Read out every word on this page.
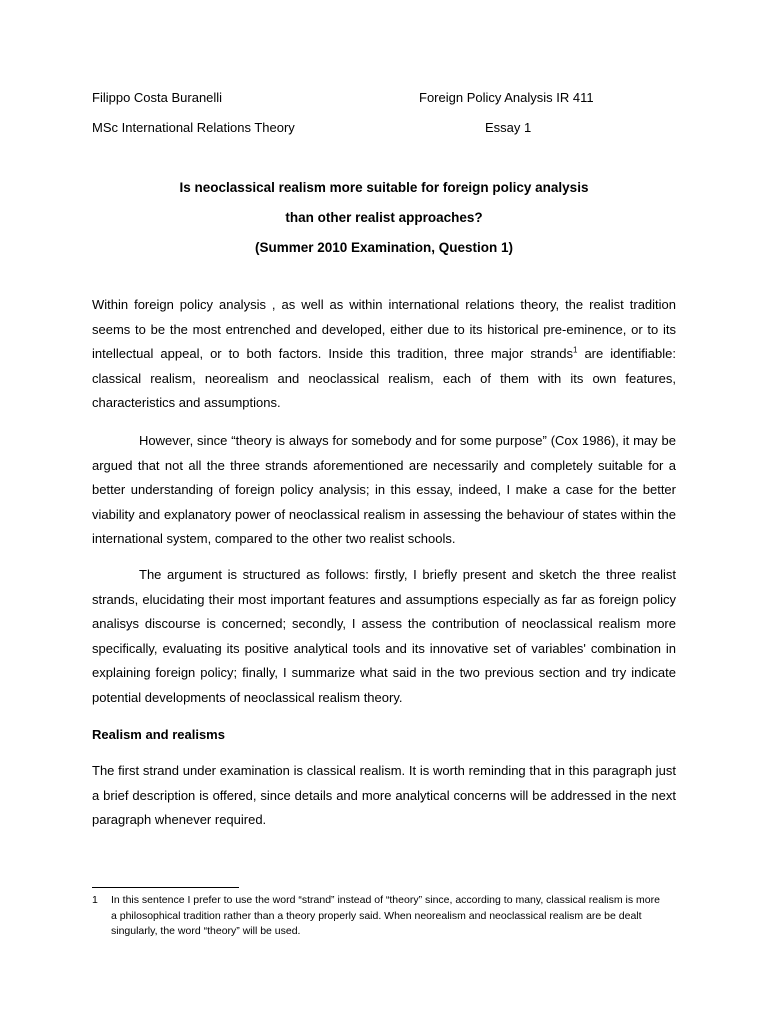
Filippo Costa Buranelli	Foreign Policy Analysis IR 411
MSc International Relations Theory	Essay 1
Is neoclassical realism more suitable for foreign policy analysis
than other realist approaches?
(Summer 2010 Examination, Question 1)

Within foreign policy analysis , as well as within international relations theory, the realist tradition seems to be the most entrenched and developed, either due to its historical pre-eminence, or to its intellectual appeal, or to both factors. Inside this tradition, three major strands$^1$ are identifiable: classical realism, neorealism and neoclassical realism, each of them with its own features, characteristics and assumptions.

However, since “theory is always for somebody and for some purpose” (Cox 1986), it may be argued that not all the three strands aforementioned are necessarily and completely suitable for a better understanding of foreign policy analysis; in this essay, indeed, I make a case for the better viability and explanatory power of neoclassical realism in assessing the behaviour of states within the international system, compared to the other two realist schools.

The argument is structured as follows: firstly, I briefly present and sketch the three realist strands, elucidating their most important features and assumptions especially as far as foreign policy analisys discourse is concerned; secondly, I assess the contribution of neoclassical realism more specifically, evaluating its positive analytical tools and its innovative set of variables' combination in explaining foreign policy; finally, I summarize what said in the two previous section and try indicate potential developments of neoclassical realism theory.

Realism and realisms

The first strand under examination is classical realism. It is worth reminding that in this paragraph just a brief description is offered, since details and more analytical concerns will be addressed in the next paragraph whenever required.

1 In this sentence I prefer to use the word “strand” instead of “theory” since, according to many, classical realism is more a philosophical tradition rather than a theory properly said. When neorealism and neoclassical realism are be dealt singularly, the word “theory” will be used.
